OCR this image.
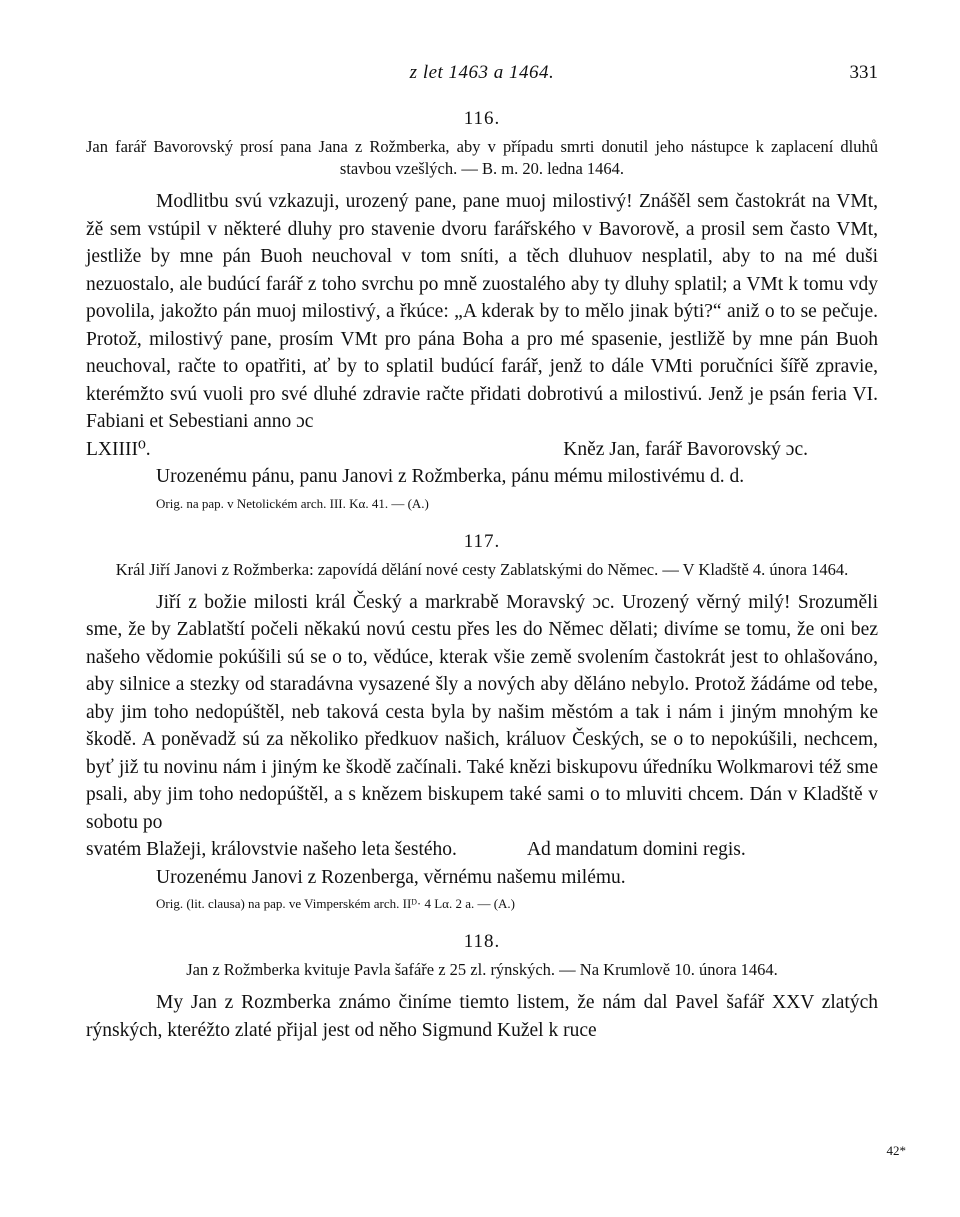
z let 1463 a 1464.	331
116.

Jan farář Bavorovský prosí pana Jana z Rožmberka, aby v případu smrti donutil jeho nástupce k zaplacení dluhů stavbou vzešlých. — B. m. 20. ledna 1464.

Modlitbu svú vzkazuji, urozený pane, pane muoj milostivý! Znášěl sem častokrát na VMt, žě sem vstúpil v některé dluhy pro stavenie dvoru farářského v Bavorově, a prosil sem často VMt, jestliže by mne pán Buoh neuchoval v tom sníti, a těch dluhuov nesplatil, aby to na mé duši nezuostalo, ale budúcí farář z toho svrchu po mně zuostalého aby ty dluhy splatil; a VMt k tomu vdy povolila, jakožto pán muoj milostivý, a řkúce: „A kderak by to mělo jinak býti?“ aniž o to se pečuje. Protož, milostivý pane, prosím VMt pro pána Boha a pro mé spasenie, jestližě by mne pán Buoh neuchoval, račte to opatřiti, ať by to splatil budúcí farář, jenž to dále VMti poručníci šířě zpravie, kterémžto svú vuoli pro své dluhé zdravie račte přidati dobrotivú a milostivú. Jenž je psán feria VI. Fabiani et Sebestiani anno ɔc

LXIIII⁰.	Kněz Jan, farář Bavorovský ɔc.

Urozenému pánu, panu Janovi z Rožmberka, pánu mému milostivému d. d.

Orig. na pap. v Netolickém arch. III. Kα. 41. — (A.)
117.

Král Jiří Janovi z Rožmberka: zapovídá dělání nové cesty Zablatskými do Němec. — V Kladště 4. února 1464.

Jiří z božie milosti král Český a markrabě Moravský ɔc. Urozený věrný milý! Srozuměli sme, že by Zablatští počeli někakú novú cestu přes les do Němec dělati; divíme se tomu, že oni bez našeho vědomie pokúšili sú se o to, vědúce, kterak všie země svolením častokrát jest to ohlašováno, aby silnice a stezky od staradávna vysazené šly a nových aby děláno nebylo. Protož žádáme od tebe, aby jim toho nedopúštěl, neb taková cesta byla by našim městóm a tak i nám i jiným mnohým ke škodě. A poněvadž sú za několiko předkuov našich, králuov Českých, se o to nepokúšili, nechcem, byť již tu novinu nám i jiným ke škodě začínali. Také knězi biskupovu úředníku Wolkmarovi též sme psali, aby jim toho nedopúštěl, a s knězem biskupem také sami o to mluviti chcem. Dán v Kladště v sobotu po

svatém Blažeji, královstvie našeho leta šestého.	Ad mandatum domini regis.

Urozenému Janovi z Rozenberga, věrnému našemu milému.

Orig. (lit. clausa) na pap. ve Vimperském arch. IIᴰ· 4 Lα. 2 a. — (A.)
118.

Jan z Rožmberka kvituje Pavla šafáře z 25 zl. rýnských. — Na Krumlově 10. února 1464.

My Jan z Rozmberka známo činíme tiemto listem, že nám dal Pavel šafář XXV zlatých rýnských, kteréžto zlaté přijal jest od něho Sigmund Kužel k ruce

42*
